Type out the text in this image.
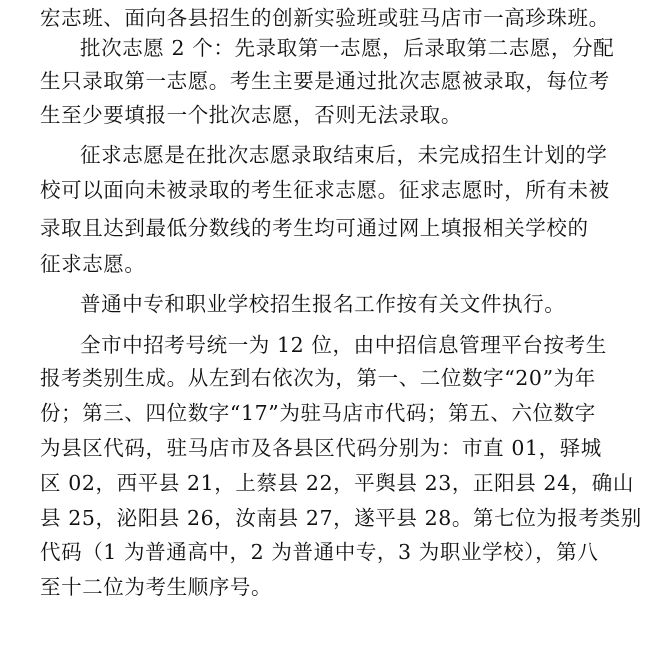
宏志班、面向各县招生的创新实验班或驻马店市一高珍珠班。
批次志愿 2 个：先录取第一志愿，后录取第二志愿，分配
生只录取第一志愿。考生主要是通过批次志愿被录取，每位考
生至少要填报一个批次志愿，否则无法录取。
征求志愿是在批次志愿录取结束后，未完成招生计划的学
校可以面向未被录取的考生征求志愿。征求志愿时，所有未被
录取且达到最低分数线的考生均可通过网上填报相关学校的
征求志愿。
普通中专和职业学校招生报名工作按有关文件执行。
全市中招考号统一为 12 位，由中招信息管理平台按考生
报考类别生成。从左到右依次为，第一、二位数字“20”为年
份；第三、四位数字“17”为驻马店市代码；第五、六位数字
为县区代码，驻马店市及各县区代码分别为：市直 01，驿城
区 02，西平县 21，上蔡县 22，平舆县 23，正阳县 24，确山
县 25，泌阳县 26，汝南县 27，遂平县 28。第七位为报考类别
代码（1 为普通高中，2 为普通中专，3 为职业学校），第八
至十二位为考生顺序号。
